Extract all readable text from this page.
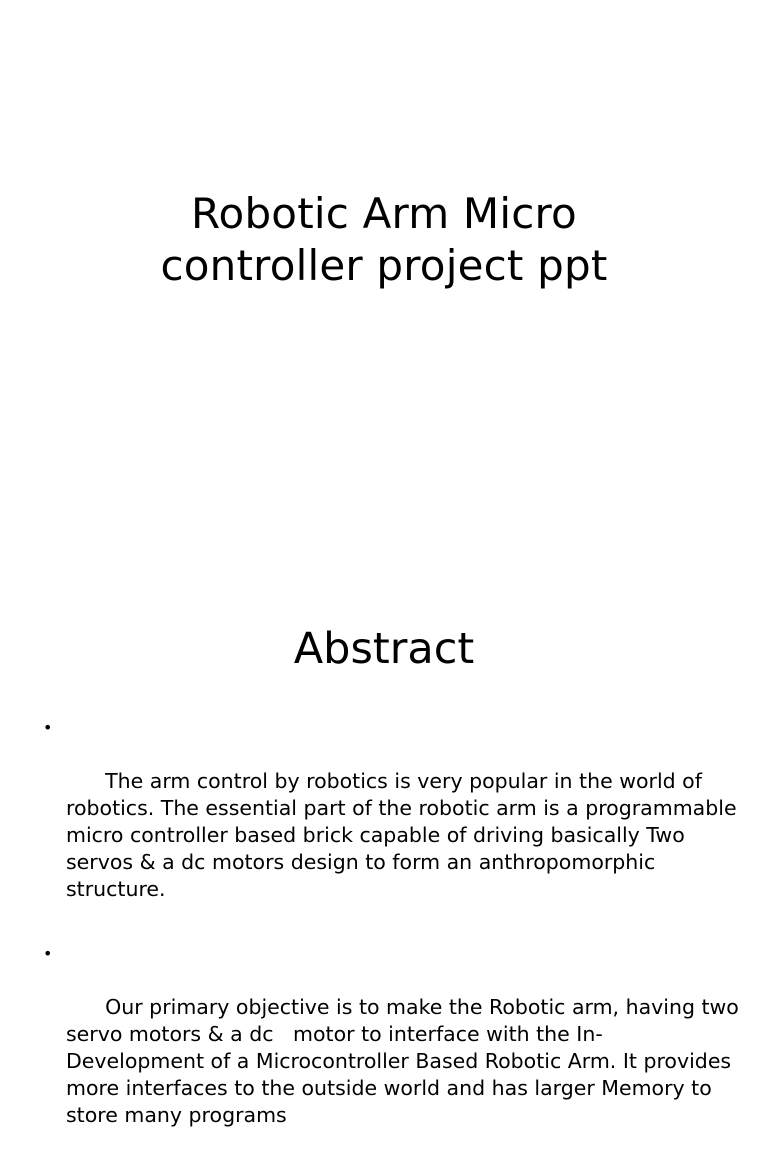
Robotic Arm Micro
controller project ppt
Abstract

•

The arm control by robotics is very popular in the world of robotics. The essential part of the robotic arm is a programmable micro controller based brick capable of driving basically Two servos & a dc motors design to form an anthropomorphic structure.

•

Our primary objective is to make the Robotic arm, having two servo motors & a dc   motor to interface with the In-Development of a Microcontroller Based Robotic Arm. It provides more interfaces to the outside world and has larger Memory to store many programs
